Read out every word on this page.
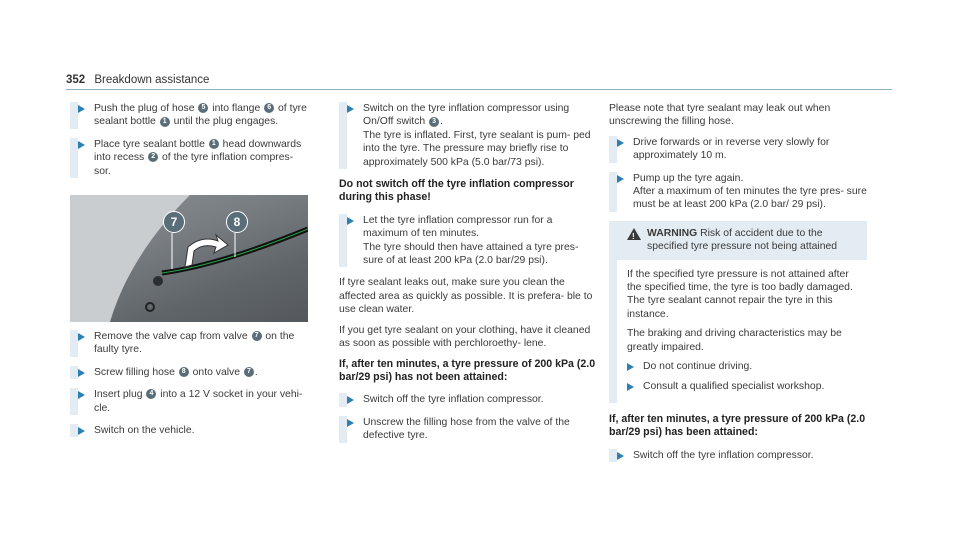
352 Breakdown assistance

Push the plug of hose 5 into flange 6 of tyre sealant bottle 1 until the plug engages.

Place tyre sealant bottle 1 head downwards into recess 2 of the tyre inflation compres- sor.

7	8

Remove the valve cap from valve 7 on the faulty tyre.

Screw filling hose 8 onto valve 7 .

Insert plug 4 into a 12 V socket in your vehi- cle.

Switch on the vehicle.

Switch on the tyre inflation compressor using On/Off switch 3 .

The tyre is inflated. First, tyre sealant is pum- ped into the tyre. The pressure may briefly rise to approximately 500 kPa (5.0 bar/73 psi).

Do not switch off the tyre inflation compressor during this phase!

Let the tyre inflation compressor run for a maximum of ten minutes.

The tyre should then have attained a tyre pres- sure of at least 200 kPa (2.0 bar/29 psi).

If tyre sealant leaks out, make sure you clean the affected area as quickly as possible. It is prefera- ble to use clean water.

If you get tyre sealant on your clothing, have it cleaned as soon as possible with perchloroethy- lene.

If, after ten minutes, a tyre pressure of 200 kPa (2.0 bar/29 psi) has not been attained:

Switch off the tyre inflation compressor.

Unscrew the filling hose from the valve of the defective tyre.

Please note that tyre sealant may leak out when unscrewing the filling hose.

Drive forwards or in reverse very slowly for approximately 10 m.

Pump up the tyre again.

After a maximum of ten minutes the tyre pres- sure must be at least 200 kPa (2.0 bar/ 29 psi).

! WARNING Risk of accident due to the specified tyre pressure not being attained

If the specified tyre pressure is not attained after the specified time, the tyre is too badly damaged. The tyre sealant cannot repair the tyre in this instance.

The braking and driving characteristics may be greatly impaired.

Do not continue driving.

Consult a qualified specialist workshop.

If, after ten minutes, a tyre pressure of 200 kPa (2.0 bar/29 psi) has been attained:

Switch off the tyre inflation compressor.
